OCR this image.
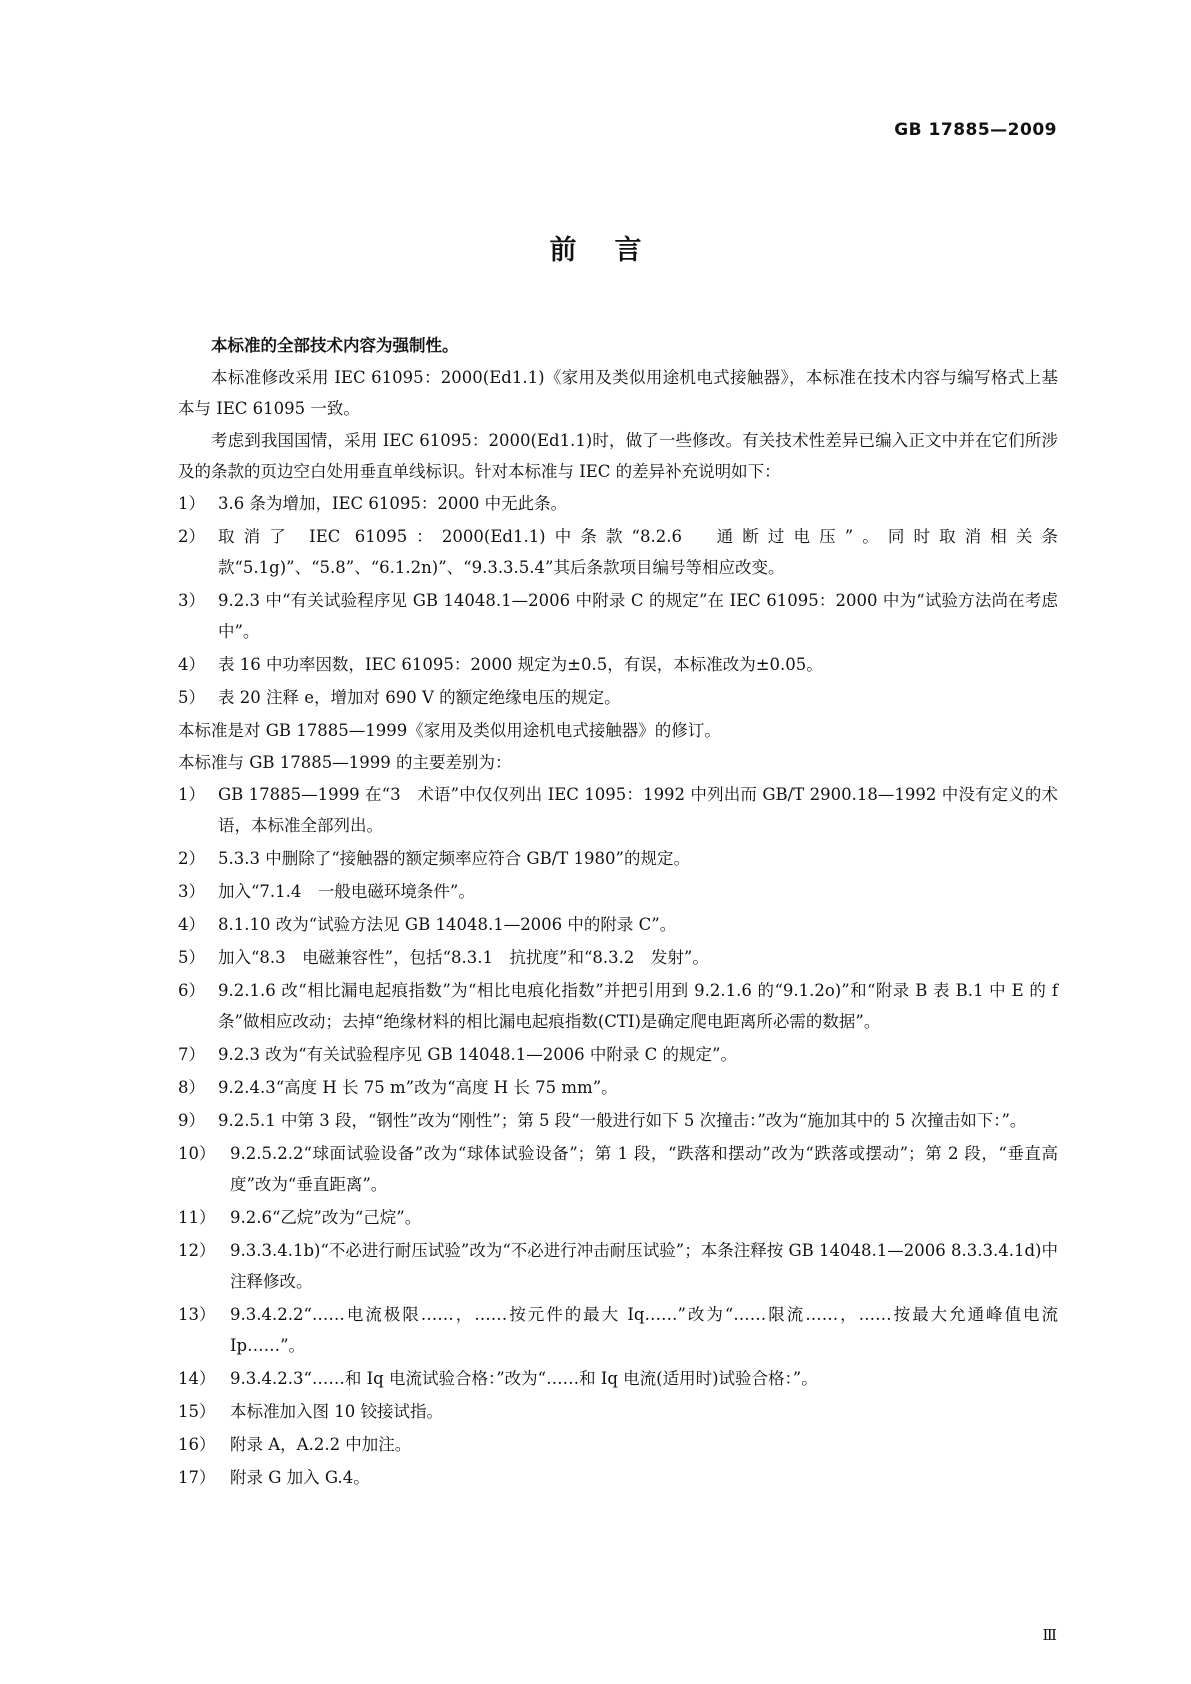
GB 17885—2009
前言
本标准的全部技术内容为强制性。
本标准修改采用 IEC 61095：2000(Ed1.1)《家用及类似用途机电式接触器》，本标准在技术内容与编写格式上基本与 IEC 61095 一致。
考虑到我国国情，采用 IEC 61095：2000(Ed1.1)时，做了一些修改。有关技术性差异已编入正文中并在它们所涉及的条款的页边空白处用垂直单线标识。针对本标准与 IEC 的差异补充说明如下：
1） 3.6 条为增加，IEC 61095：2000 中无此条。
2） 取消了 IEC 61095：2000(Ed1.1)中条款“8.2.6　通断过电压”。同时取消相关条款“5.1g)”、“5.8”、“6.1.2n)”、“9.3.3.5.4”其后条款项目编号等相应改变。
3） 9.2.3 中“有关试验程序见 GB 14048.1—2006 中附录 C 的规定”在 IEC 61095：2000 中为“试验方法尚在考虑中”。
4） 表 16 中功率因数，IEC 61095：2000 规定为±0.5，有误，本标准改为±0.05。
5） 表 20 注释 e，增加对 690 V 的额定绝缘电压的规定。
本标准是对 GB 17885—1999《家用及类似用途机电式接触器》的修订。
本标准与 GB 17885—1999 的主要差别为：
1） GB 17885—1999 在“3　术语”中仅仅列出 IEC 1095：1992 中列出而 GB/T 2900.18—1992 中没有定义的术语，本标准全部列出。
2） 5.3.3 中删除了“接触器的额定频率应符合 GB/T 1980”的规定。
3） 加入“7.1.4　一般电磁环境条件”。
4） 8.1.10 改为“试验方法见 GB 14048.1—2006 中的附录 C”。
5） 加入“8.3　电磁兼容性”，包括“8.3.1　抗扰度”和“8.3.2　发射”。
6） 9.2.1.6 改“相比漏电起痕指数”为“相比电痕化指数”并把引用到 9.2.1.6 的“9.1.2o)”和“附录 B 表 B.1 中 E 的 f 条”做相应改动；去掉“绝缘材料的相比漏电起痕指数(CTI)是确定爬电距离所必需的数据”。
7） 9.2.3 改为“有关试验程序见 GB 14048.1—2006 中附录 C 的规定”。
8） 9.2.4.3“高度 H 长 75 m”改为“高度 H 长 75 mm”。
9） 9.2.5.1 中第 3 段，“钢性”改为“刚性”；第 5 段“一般进行如下 5 次撞击：”改为“施加其中的 5 次撞击如下：”。
10） 9.2.5.2.2“球面试验设备”改为“球体试验设备”；第 1 段，“跌落和摆动”改为“跌落或摆动”；第 2 段，“垂直高度”改为“垂直距离”。
11） 9.2.6“乙烷”改为“己烷”。
12） 9.3.3.4.1b)“不必进行耐压试验”改为“不必进行冲击耐压试验”；本条注释按 GB 14048.1—2006 8.3.3.4.1d)中注释修改。
13） 9.3.4.2.2“……电流极限……，……按元件的最大 Iq……”改为“……限流……，……按最大允通峰值电流 Ip……”。
14） 9.3.4.2.3“……和 Iq 电流试验合格：”改为“……和 Iq 电流(适用时)试验合格：”。
15） 本标准加入图 10 铰接试指。
16） 附录 A，A.2.2 中加注。
17） 附录 G 加入 G.4。
Ⅲ
